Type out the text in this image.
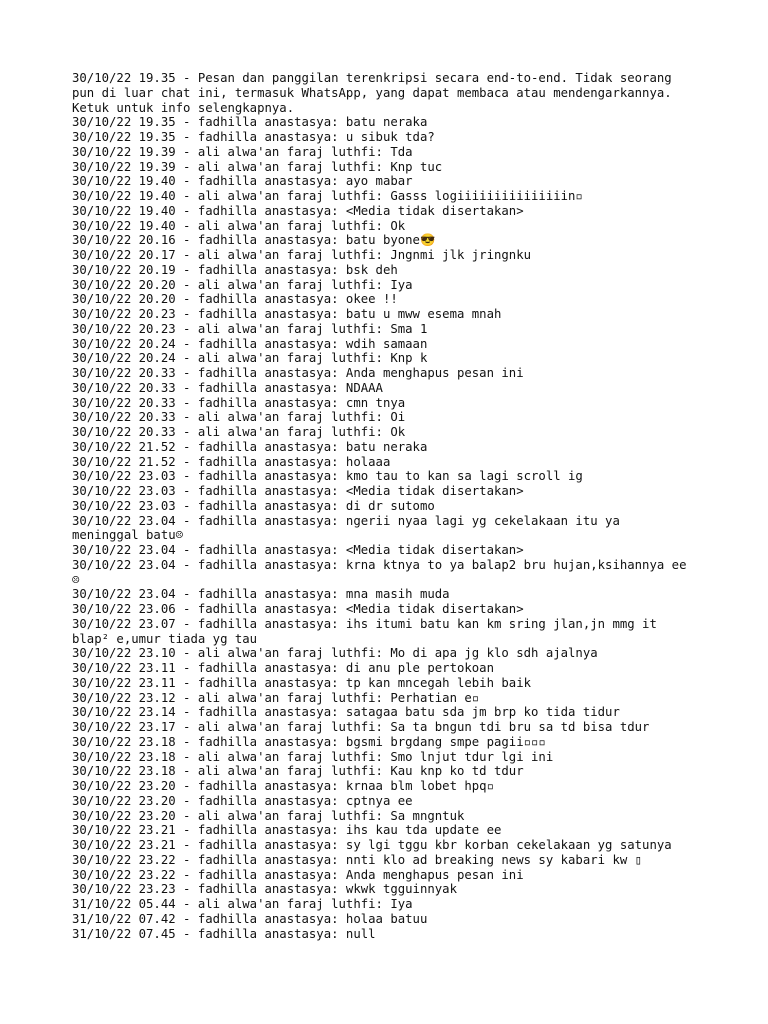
30/10/22 19.35 - Pesan dan panggilan terenkripsi secara end-to-end. Tidak seorang pun di luar chat ini, termasuk WhatsApp, yang dapat membaca atau mendengarkannya. Ketuk untuk info selengkapnya.
30/10/22 19.35 - fadhilla anastasya: batu neraka
30/10/22 19.35 - fadhilla anastasya: u sibuk tda?
30/10/22 19.39 - ali alwa'an faraj luthfi: Tda
30/10/22 19.39 - ali alwa'an faraj luthfi: Knp tuc
30/10/22 19.40 - fadhilla anastasya: ayo mabar
30/10/22 19.40 - ali alwa'an faraj luthfi: Gasss logiiiiiiiiiiiiiiin▫
30/10/22 19.40 - fadhilla anastasya: <Media tidak disertakan>
30/10/22 19.40 - ali alwa'an faraj luthfi: Ok
30/10/22 20.16 - fadhilla anastasya: batu byone😎
30/10/22 20.17 - ali alwa'an faraj luthfi: Jngnmi jlk jringnku
30/10/22 20.19 - fadhilla anastasya: bsk deh
30/10/22 20.20 - ali alwa'an faraj luthfi: Iya
30/10/22 20.20 - fadhilla anastasya: okee !!
30/10/22 20.23 - fadhilla anastasya: batu u mww esema mnah
30/10/22 20.23 - ali alwa'an faraj luthfi: Sma 1
30/10/22 20.24 - fadhilla anastasya: wdih samaan
30/10/22 20.24 - ali alwa'an faraj luthfi: Knp k
30/10/22 20.33 - fadhilla anastasya: Anda menghapus pesan ini
30/10/22 20.33 - fadhilla anastasya: NDAAA
30/10/22 20.33 - fadhilla anastasya: cmn tnya
30/10/22 20.33 - ali alwa'an faraj luthfi: Oi
30/10/22 20.33 - ali alwa'an faraj luthfi: Ok
30/10/22 21.52 - fadhilla anastasya: batu neraka
30/10/22 21.52 - fadhilla anastasya: holaaa
30/10/22 23.03 - fadhilla anastasya: kmo tau to kan sa lagi scroll ig
30/10/22 23.03 - fadhilla anastasya: <Media tidak disertakan>
30/10/22 23.03 - fadhilla anastasya: di dr sutomo
30/10/22 23.04 - fadhilla anastasya: ngerii nyaa lagi yg cekelakaan itu ya meninggal batu☹
30/10/22 23.04 - fadhilla anastasya: <Media tidak disertakan>
30/10/22 23.04 - fadhilla anastasya: krna ktnya to ya balap2 bru hujan,ksihannya ee☹
30/10/22 23.04 - fadhilla anastasya: mna masih muda
30/10/22 23.06 - fadhilla anastasya: <Media tidak disertakan>
30/10/22 23.07 - fadhilla anastasya: ihs itumi batu kan km sring jlan,jn mmg it blap² e,umur tiada yg tau
30/10/22 23.10 - ali alwa'an faraj luthfi: Mo di apa jg klo sdh ajalnya
30/10/22 23.11 - fadhilla anastasya: di anu ple pertokoan
30/10/22 23.11 - fadhilla anastasya: tp kan mncegah lebih baik
30/10/22 23.12 - ali alwa'an faraj luthfi: Perhatian e▫
30/10/22 23.14 - fadhilla anastasya: satagaa batu sda jm brp ko tida tidur
30/10/22 23.17 - ali alwa'an faraj luthfi: Sa ta bngun tdi bru sa td bisa tdur
30/10/22 23.18 - fadhilla anastasya: bgsmi brgdang smpe pagii▫▫▫
30/10/22 23.18 - ali alwa'an faraj luthfi: Smo lnjut tdur lgi ini
30/10/22 23.18 - ali alwa'an faraj luthfi: Kau knp ko td tdur
30/10/22 23.20 - fadhilla anastasya: krnaa blm lobet hpq▫
30/10/22 23.20 - fadhilla anastasya: cptnya ee
30/10/22 23.20 - ali alwa'an faraj luthfi: Sa mngntuk
30/10/22 23.21 - fadhilla anastasya: ihs kau tda update ee
30/10/22 23.21 - fadhilla anastasya: sy lgi tggu kbr korban cekelakaan yg satunya
30/10/22 23.22 - fadhilla anastasya: nnti klo ad breaking news sy kabari kw ▯
30/10/22 23.22 - fadhilla anastasya: Anda menghapus pesan ini
30/10/22 23.23 - fadhilla anastasya: wkwk tgguinnyak
31/10/22 05.44 - ali alwa'an faraj luthfi: Iya
31/10/22 07.42 - fadhilla anastasya: holaa batuu
31/10/22 07.45 - fadhilla anastasya: null
